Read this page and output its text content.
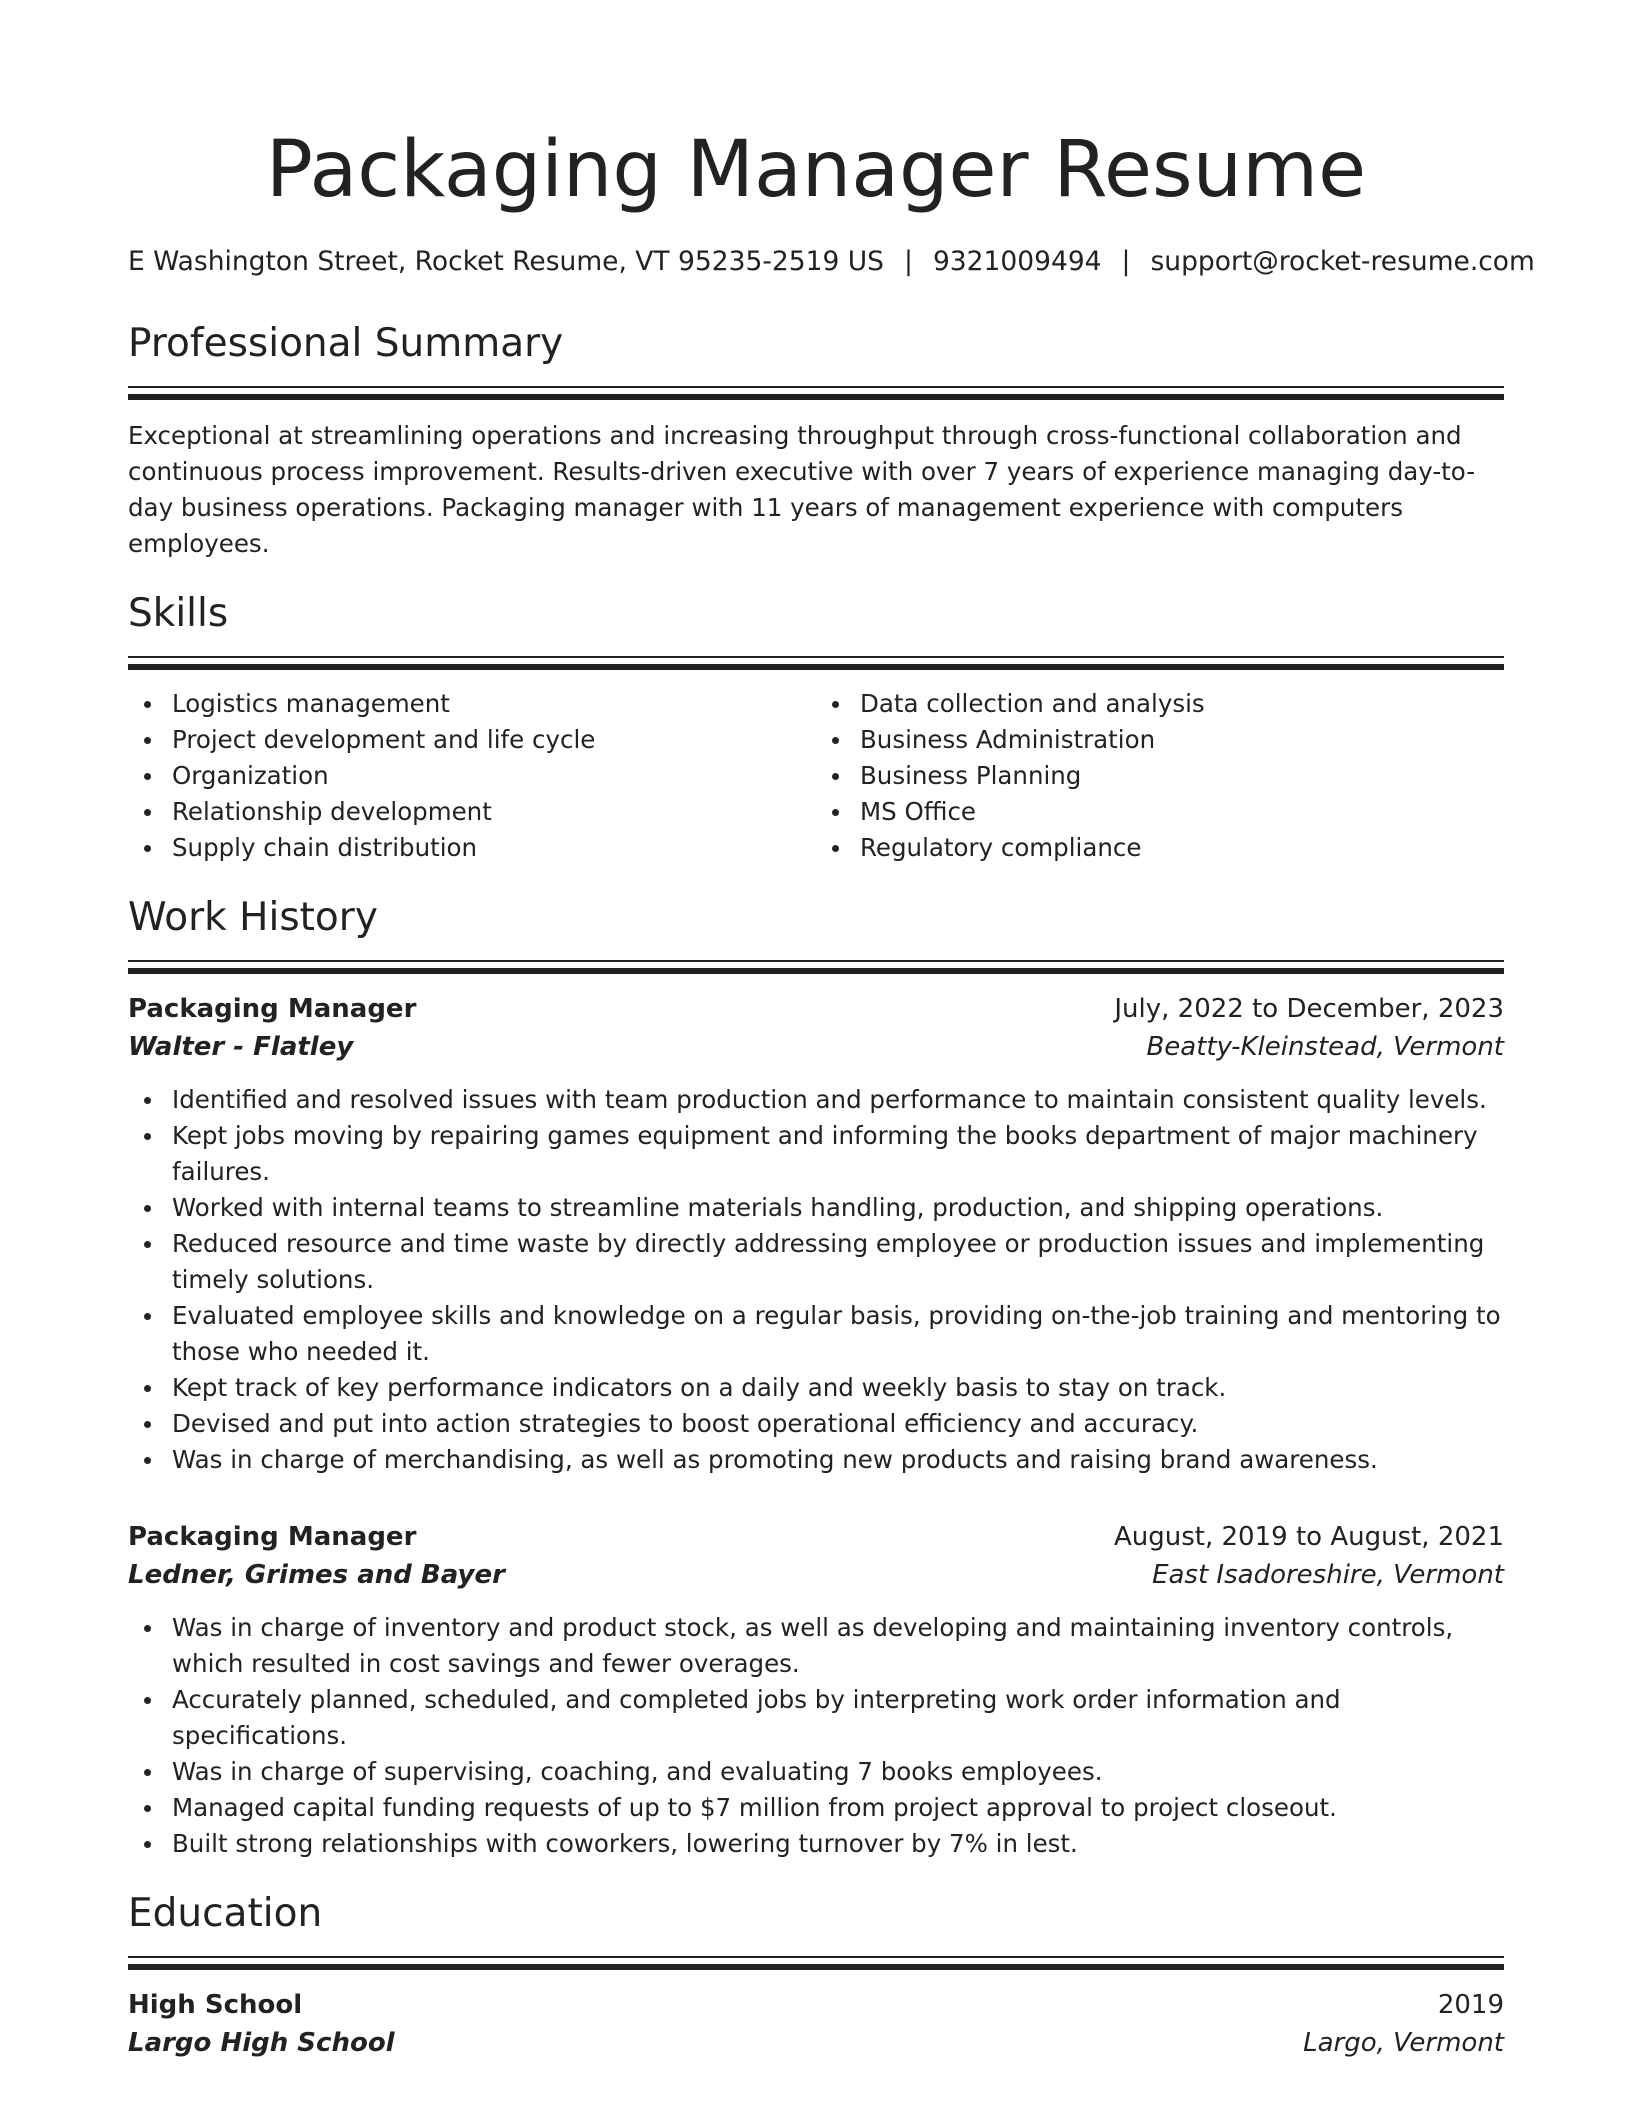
Packaging Manager Resume
E Washington Street, Rocket Resume, VT 95235-2519 US | 9321009494 | support@rocket-resume.com
Professional Summary
Exceptional at streamlining operations and increasing throughput through cross-functional collaboration and continuous process improvement. Results-driven executive with over 7 years of experience managing day-to-day business operations. Packaging manager with 11 years of management experience with computers employees.
Skills
Logistics management
Project development and life cycle
Organization
Relationship development
Supply chain distribution
Data collection and analysis
Business Administration
Business Planning
MS Office
Regulatory compliance
Work History
Packaging Manager	July, 2022 to December, 2023
Walter - Flatley	Beatty-Kleinstead, Vermont
Identified and resolved issues with team production and performance to maintain consistent quality levels.
Kept jobs moving by repairing games equipment and informing the books department of major machinery failures.
Worked with internal teams to streamline materials handling, production, and shipping operations.
Reduced resource and time waste by directly addressing employee or production issues and implementing timely solutions.
Evaluated employee skills and knowledge on a regular basis, providing on-the-job training and mentoring to those who needed it.
Kept track of key performance indicators on a daily and weekly basis to stay on track.
Devised and put into action strategies to boost operational efficiency and accuracy.
Was in charge of merchandising, as well as promoting new products and raising brand awareness.
Packaging Manager	August, 2019 to August, 2021
Ledner, Grimes and Bayer	East Isadoreshire, Vermont
Was in charge of inventory and product stock, as well as developing and maintaining inventory controls, which resulted in cost savings and fewer overages.
Accurately planned, scheduled, and completed jobs by interpreting work order information and specifications.
Was in charge of supervising, coaching, and evaluating 7 books employees.
Managed capital funding requests of up to $7 million from project approval to project closeout.
Built strong relationships with coworkers, lowering turnover by 7% in lest.
Education
High School	2019
Largo High School	Largo, Vermont
